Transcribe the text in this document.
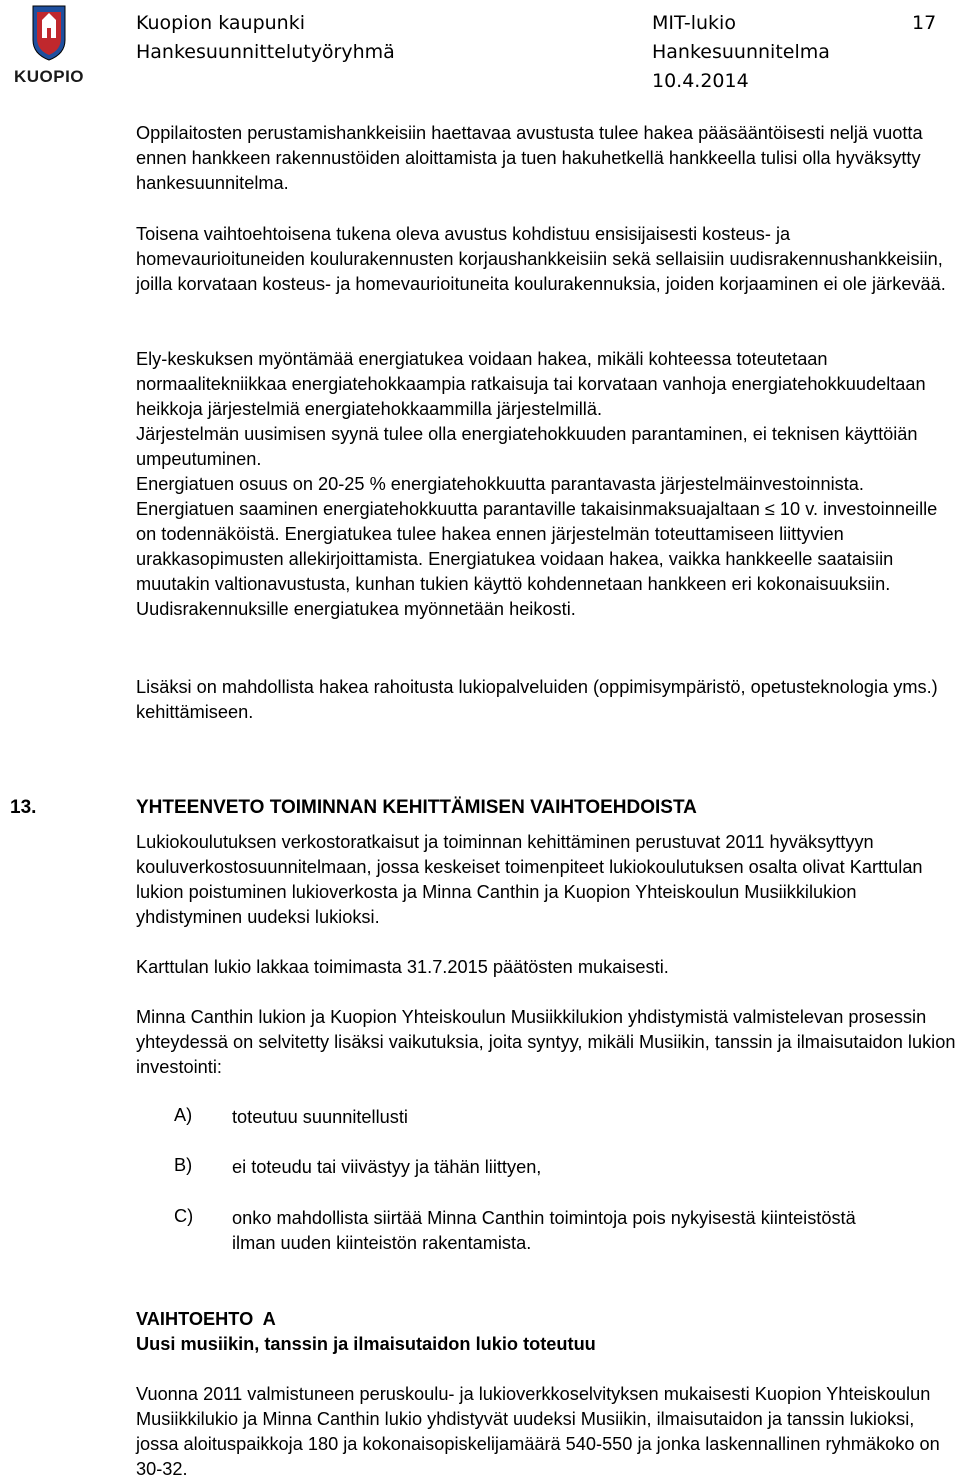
KUOPIO
Kuopion kaupunki
Hankesuunnittelutyöryhmä
MIT-lukio
Hankesuunnitelma
10.4.2014
17

Oppilaitosten perustamishankkeisiin haettavaa avustusta tulee hakea pääsääntöisesti neljä vuotta ennen hankkeen rakennustöiden aloittamista ja tuen hakuhetkellä hankkeella tulisi olla hyväksytty hankesuunnitelma.

Toisena vaihtoehtoisena tukena oleva avustus kohdistuu ensisijaisesti kosteus- ja homevaurioituneiden koulurakennusten korjaushankkeisiin sekä sellaisiin uudisrakennushankkeisiin, joilla korvataan kosteus- ja homevaurioituneita koulurakennuksia, joiden korjaaminen ei ole järkevää.

Ely-keskuksen myöntämää energiatukea voidaan hakea, mikäli kohteessa toteutetaan normaalitekniikkaa energiatehokkaampia ratkaisuja tai korvataan vanhoja energiatehokkuudeltaan heikkoja järjestelmiä energiatehokkaammilla järjestelmillä.

Järjestelmän uusimisen syynä tulee olla energiatehokkuuden parantaminen, ei teknisen käyttöiän umpeutuminen.

Energiatuen osuus on 20-25 % energiatehokkuutta parantavasta järjestelmäinvestoinnista. Energiatuen saaminen energiatehokkuutta parantaville takaisinmaksuajaltaan ≤ 10 v. investoinneille on todennäköistä. Energiatukea tulee hakea ennen järjestelmän toteuttamiseen liittyvien urakkasopimusten allekirjoittamista. Energiatukea voidaan hakea, vaikka hankkeelle saataisiin muutakin valtionavustusta, kunhan tukien käyttö kohdennetaan hankkeen eri kokonaisuuksiin. Uudisrakennuksille energiatukea myönnetään heikosti.

Lisäksi on mahdollista hakea rahoitusta lukiopalveluiden (oppimisympäristö, opetusteknologia yms.) kehittämiseen.

13.	YHTEENVETO TOIMINNAN KEHITTÄMISEN VAIHTOEHDOISTA

Lukiokoulutuksen verkostoratkaisut ja toiminnan kehittäminen perustuvat 2011 hyväksyttyyn kouluverkostosuunnitelmaan, jossa keskeiset toimenpiteet lukiokoulutuksen osalta olivat Karttulan lukion poistuminen lukioverkosta ja Minna Canthin ja Kuopion Yhteiskoulun Musiikkilukion yhdistyminen uudeksi lukioksi.

Karttulan lukio lakkaa toimimasta 31.7.2015 päätösten mukaisesti.

Minna Canthin lukion ja Kuopion Yhteiskoulun Musiikkilukion yhdistymistä valmistelevan prosessin yhteydessä on selvitetty lisäksi vaikutuksia, joita syntyy, mikäli Musiikin, tanssin ja ilmaisutaidon lukion investointi:

A) toteutuu suunnitellusti
B) ei toteudu tai viivästyy ja tähän liittyen,
C) onko mahdollista siirtää Minna Canthin toimintoja pois nykyisestä kiinteistöstä ilman uuden kiinteistön rakentamista.
VAIHTOEHTO  A
Uusi musiikin, tanssin ja ilmaisutaidon lukio toteutuu

Vuonna 2011 valmistuneen peruskoulu- ja lukioverkkoselvityksen mukaisesti Kuopion Yhteiskoulun Musiikkilukio ja Minna Canthin lukio yhdistyvät uudeksi Musiikin, ilmaisutaidon ja tanssin lukioksi, jossa aloituspaikkoja 180 ja kokonaisopiskelijamäärä 540-550 ja jonka laskennallinen ryhmäkoko on 30-32.
